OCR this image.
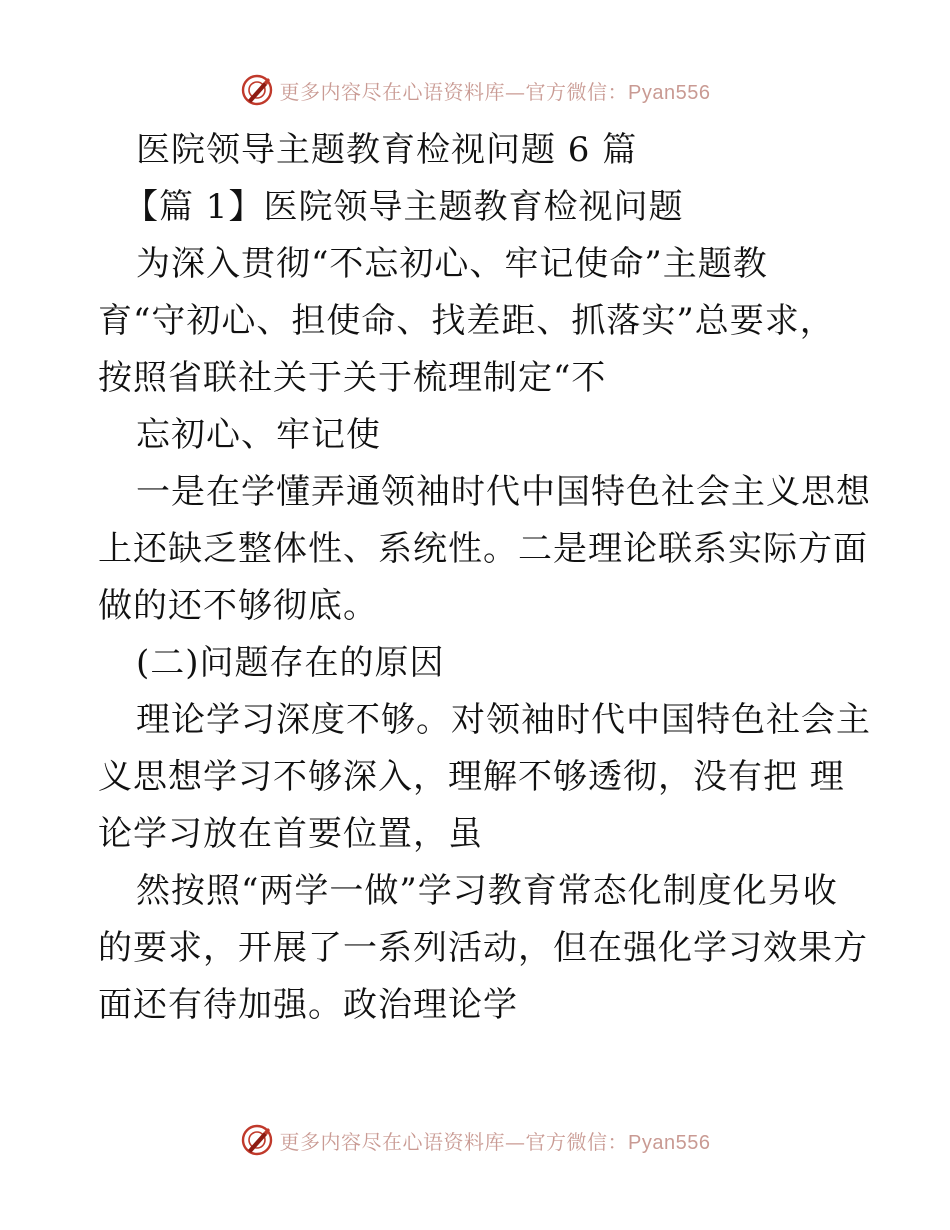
更多内容尽在心语资料库—官方微信：Pyan556
医院领导主题教育检视问题 6 篇
【篇 1】医院领导主题教育检视问题
为深入贯彻“不忘初心、牢记使命”主题教
育“守初心、担使命、找差距、抓落实”总要求，
按照省联社关于关于梳理制定“不
忘初心、牢记使
一是在学懂弄通领袖时代中国特色社会主义思想
上还缺乏整体性、系统性。二是理论联系实际方面
做的还不够彻底。
(二)问题存在的原因
理论学习深度不够。对领袖时代中国特色社会主
义思想学习不够深入，理解不够透彻，没有把 理
论学习放在首要位置，虽
然按照“两学一做”学习教育常态化制度化另收
的要求，开展了一系列活动，但在强化学习效果方
面还有待加强。政治理论学
更多内容尽在心语资料库—官方微信：Pyan556
